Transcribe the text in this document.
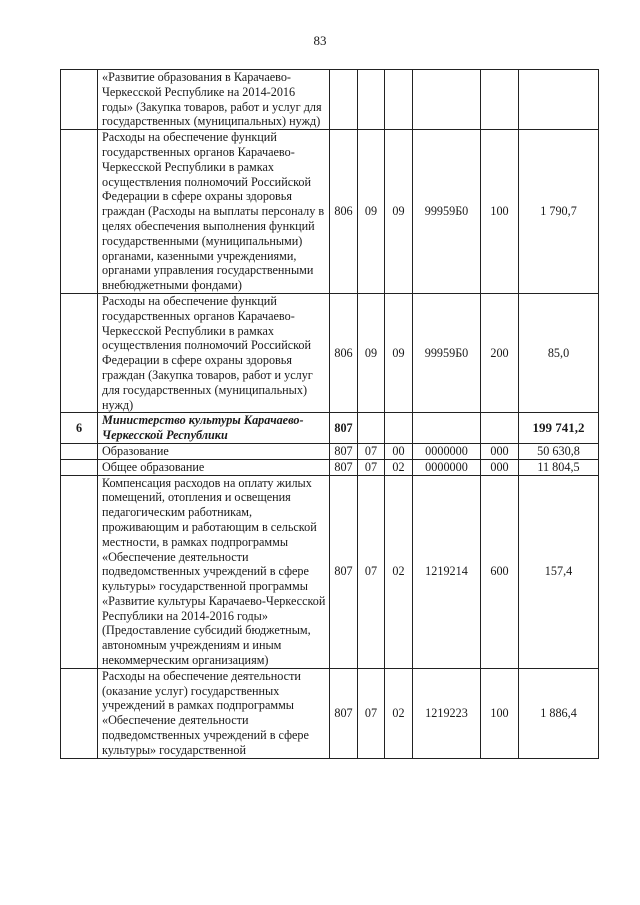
83
	«Развитие образования в Карачаево-Черкесской Республике на 2014-2016 годы» (Закупка товаров, работ и услуг для государственных (муниципальных) нужд)						
	Расходы на обеспечение функций государственных органов Карачаево-Черкесской Республики в рамках осуществления полномочий Российской Федерации в сфере охраны здоровья граждан (Расходы на выплаты персоналу в целях обеспечения выполнения функций государственными (муниципальными) органами, казенными учреждениями, органами управления государственными внебюджетными фондами)	806	09	09	99959Б0	100	1 790,7
	Расходы на обеспечение функций государственных органов Карачаево-Черкесской Республики в рамках осуществления полномочий Российской Федерации в сфере охраны здоровья граждан (Закупка товаров, работ и услуг для государственных (муниципальных) нужд)	806	09	09	99959Б0	200	85,0
6	Министерство культуры Карачаево-Черкесской Республики	807					199 741,2
	Образование	807	07	00	0000000	000	50 630,8
	Общее образование	807	07	02	0000000	000	11 804,5
	Компенсация расходов на оплату жилых помещений, отопления и освещения педагогическим работникам, проживающим и работающим в сельской местности, в рамках подпрограммы «Обеспечение деятельности подведомственных учреждений в сфере культуры» государственной программы «Развитие культуры Карачаево-Черкесской Республики на 2014-2016 годы» (Предоставление субсидий бюджетным, автономным учреждениям и иным некоммерческим организациям)	807	07	02	1219214	600	157,4
	Расходы на обеспечение деятельности (оказание услуг) государственных учреждений в рамках подпрограммы «Обеспечение деятельности подведомственных учреждений в сфере культуры» государственной	807	07	02	1219223	100	1 886,4
